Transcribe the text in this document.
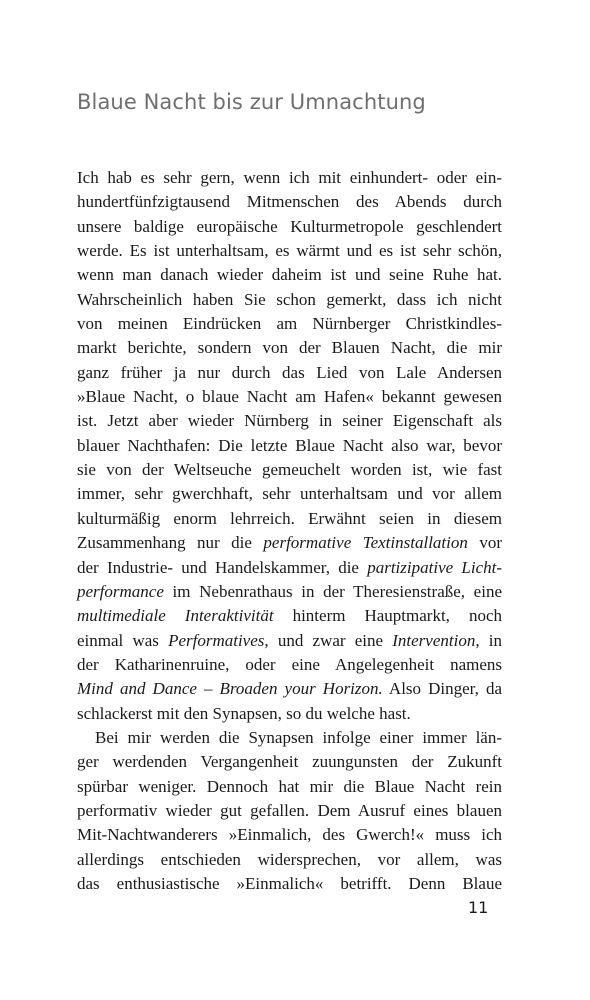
Blaue Nacht bis zur Umnachtung
Ich hab es sehr gern, wenn ich mit einhundert- oder ein-
hundertfünfzigtausend Mitmenschen des Abends durch
unsere baldige europäische Kulturmetropole geschlendert
werde. Es ist unterhaltsam, es wärmt und es ist sehr schön,
wenn man danach wieder daheim ist und seine Ruhe hat.
Wahrscheinlich haben Sie schon gemerkt, dass ich nicht
von meinen Eindrücken am Nürnberger Christkindles-
markt berichte, sondern von der Blauen Nacht, die mir
ganz früher ja nur durch das Lied von Lale Andersen
»Blaue Nacht, o blaue Nacht am Hafen« bekannt gewesen
ist. Jetzt aber wieder Nürnberg in seiner Eigenschaft als
blauer Nachthafen: Die letzte Blaue Nacht also war, bevor
sie von der Weltseuche gemeuchelt worden ist, wie fast
immer, sehr gwerchhaft, sehr unterhaltsam und vor allem
kulturmäßig enorm lehrreich. Erwähnt seien in diesem
Zusammenhang nur die performative Textinstallation vor
der Industrie- und Handelskammer, die partizipative Licht-
performance im Nebenrathaus in der Theresienstraße, eine
multimediale Interaktivität hinterm Hauptmarkt, noch
einmal was Performatives, und zwar eine Intervention, in
der Katharinenruine, oder eine Angelegenheit namens
Mind and Dance – Broaden your Horizon. Also Dinger, da
schlackerst mit den Synapsen, so du welche hast.
Bei mir werden die Synapsen infolge einer immer län-
ger werdenden Vergangenheit zuungunsten der Zukunft
spürbar weniger. Dennoch hat mir die Blaue Nacht rein
performativ wieder gut gefallen. Dem Ausruf eines blauen
Mit-Nachtwanderers »Einmalich, des Gwerch!« muss ich
allerdings entschieden widersprechen, vor allem, was
das enthusiastische »Einmalich« betrifft. Denn Blaue
11
